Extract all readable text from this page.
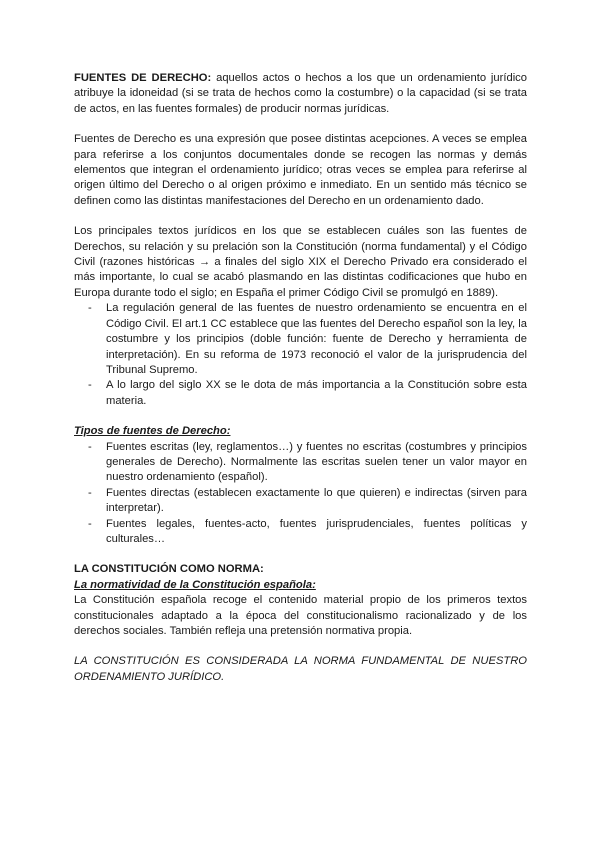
FUENTES DE DERECHO: aquellos actos o hechos a los que un ordenamiento jurídico atribuye la idoneidad (si se trata de hechos como la costumbre) o la capacidad (si se trata de actos, en las fuentes formales) de producir normas jurídicas.

Fuentes de Derecho es una expresión que posee distintas acepciones. A veces se emplea para referirse a los conjuntos documentales donde se recogen las normas y demás elementos que integran el ordenamiento jurídico; otras veces se emplea para referirse al origen último del Derecho o al origen próximo e inmediato. En un sentido más técnico se definen como las distintas manifestaciones del Derecho en un ordenamiento dado.

Los principales textos jurídicos en los que se establecen cuáles son las fuentes de Derechos, su relación y su prelación son la Constitución (norma fundamental) y el Código Civil (razones históricas → a finales del siglo XIX el Derecho Privado era considerado el más importante, lo cual se acabó plasmando en las distintas codificaciones que hubo en Europa durante todo el siglo; en España el primer Código Civil se promulgó en 1889).

- La regulación general de las fuentes de nuestro ordenamiento se encuentra en el Código Civil. El art.1 CC establece que las fuentes del Derecho español son la ley, la costumbre y los principios (doble función: fuente de Derecho y herramienta de interpretación). En su reforma de 1973 reconoció el valor de la jurisprudencia del Tribunal Supremo.
- A lo largo del siglo XX se le dota de más importancia a la Constitución sobre esta materia.

Tipos de fuentes de Derecho:

- Fuentes escritas (ley, reglamentos…) y fuentes no escritas (costumbres y principios generales de Derecho). Normalmente las escritas suelen tener un valor mayor en nuestro ordenamiento (español).
- Fuentes directas (establecen exactamente lo que quieren) e indirectas (sirven para interpretar).
- Fuentes legales, fuentes-acto, fuentes jurisprudenciales, fuentes políticas y culturales…

LA CONSTITUCIÓN COMO NORMA:

La normatividad de la Constitución española:

La Constitución española recoge el contenido material propio de los primeros textos constitucionales adaptado a la época del constitucionalismo racionalizado y de los derechos sociales. También refleja una pretensión normativa propia.

LA CONSTITUCIÓN ES CONSIDERADA LA NORMA FUNDAMENTAL DE NUESTRO ORDENAMIENTO JURÍDICO.
